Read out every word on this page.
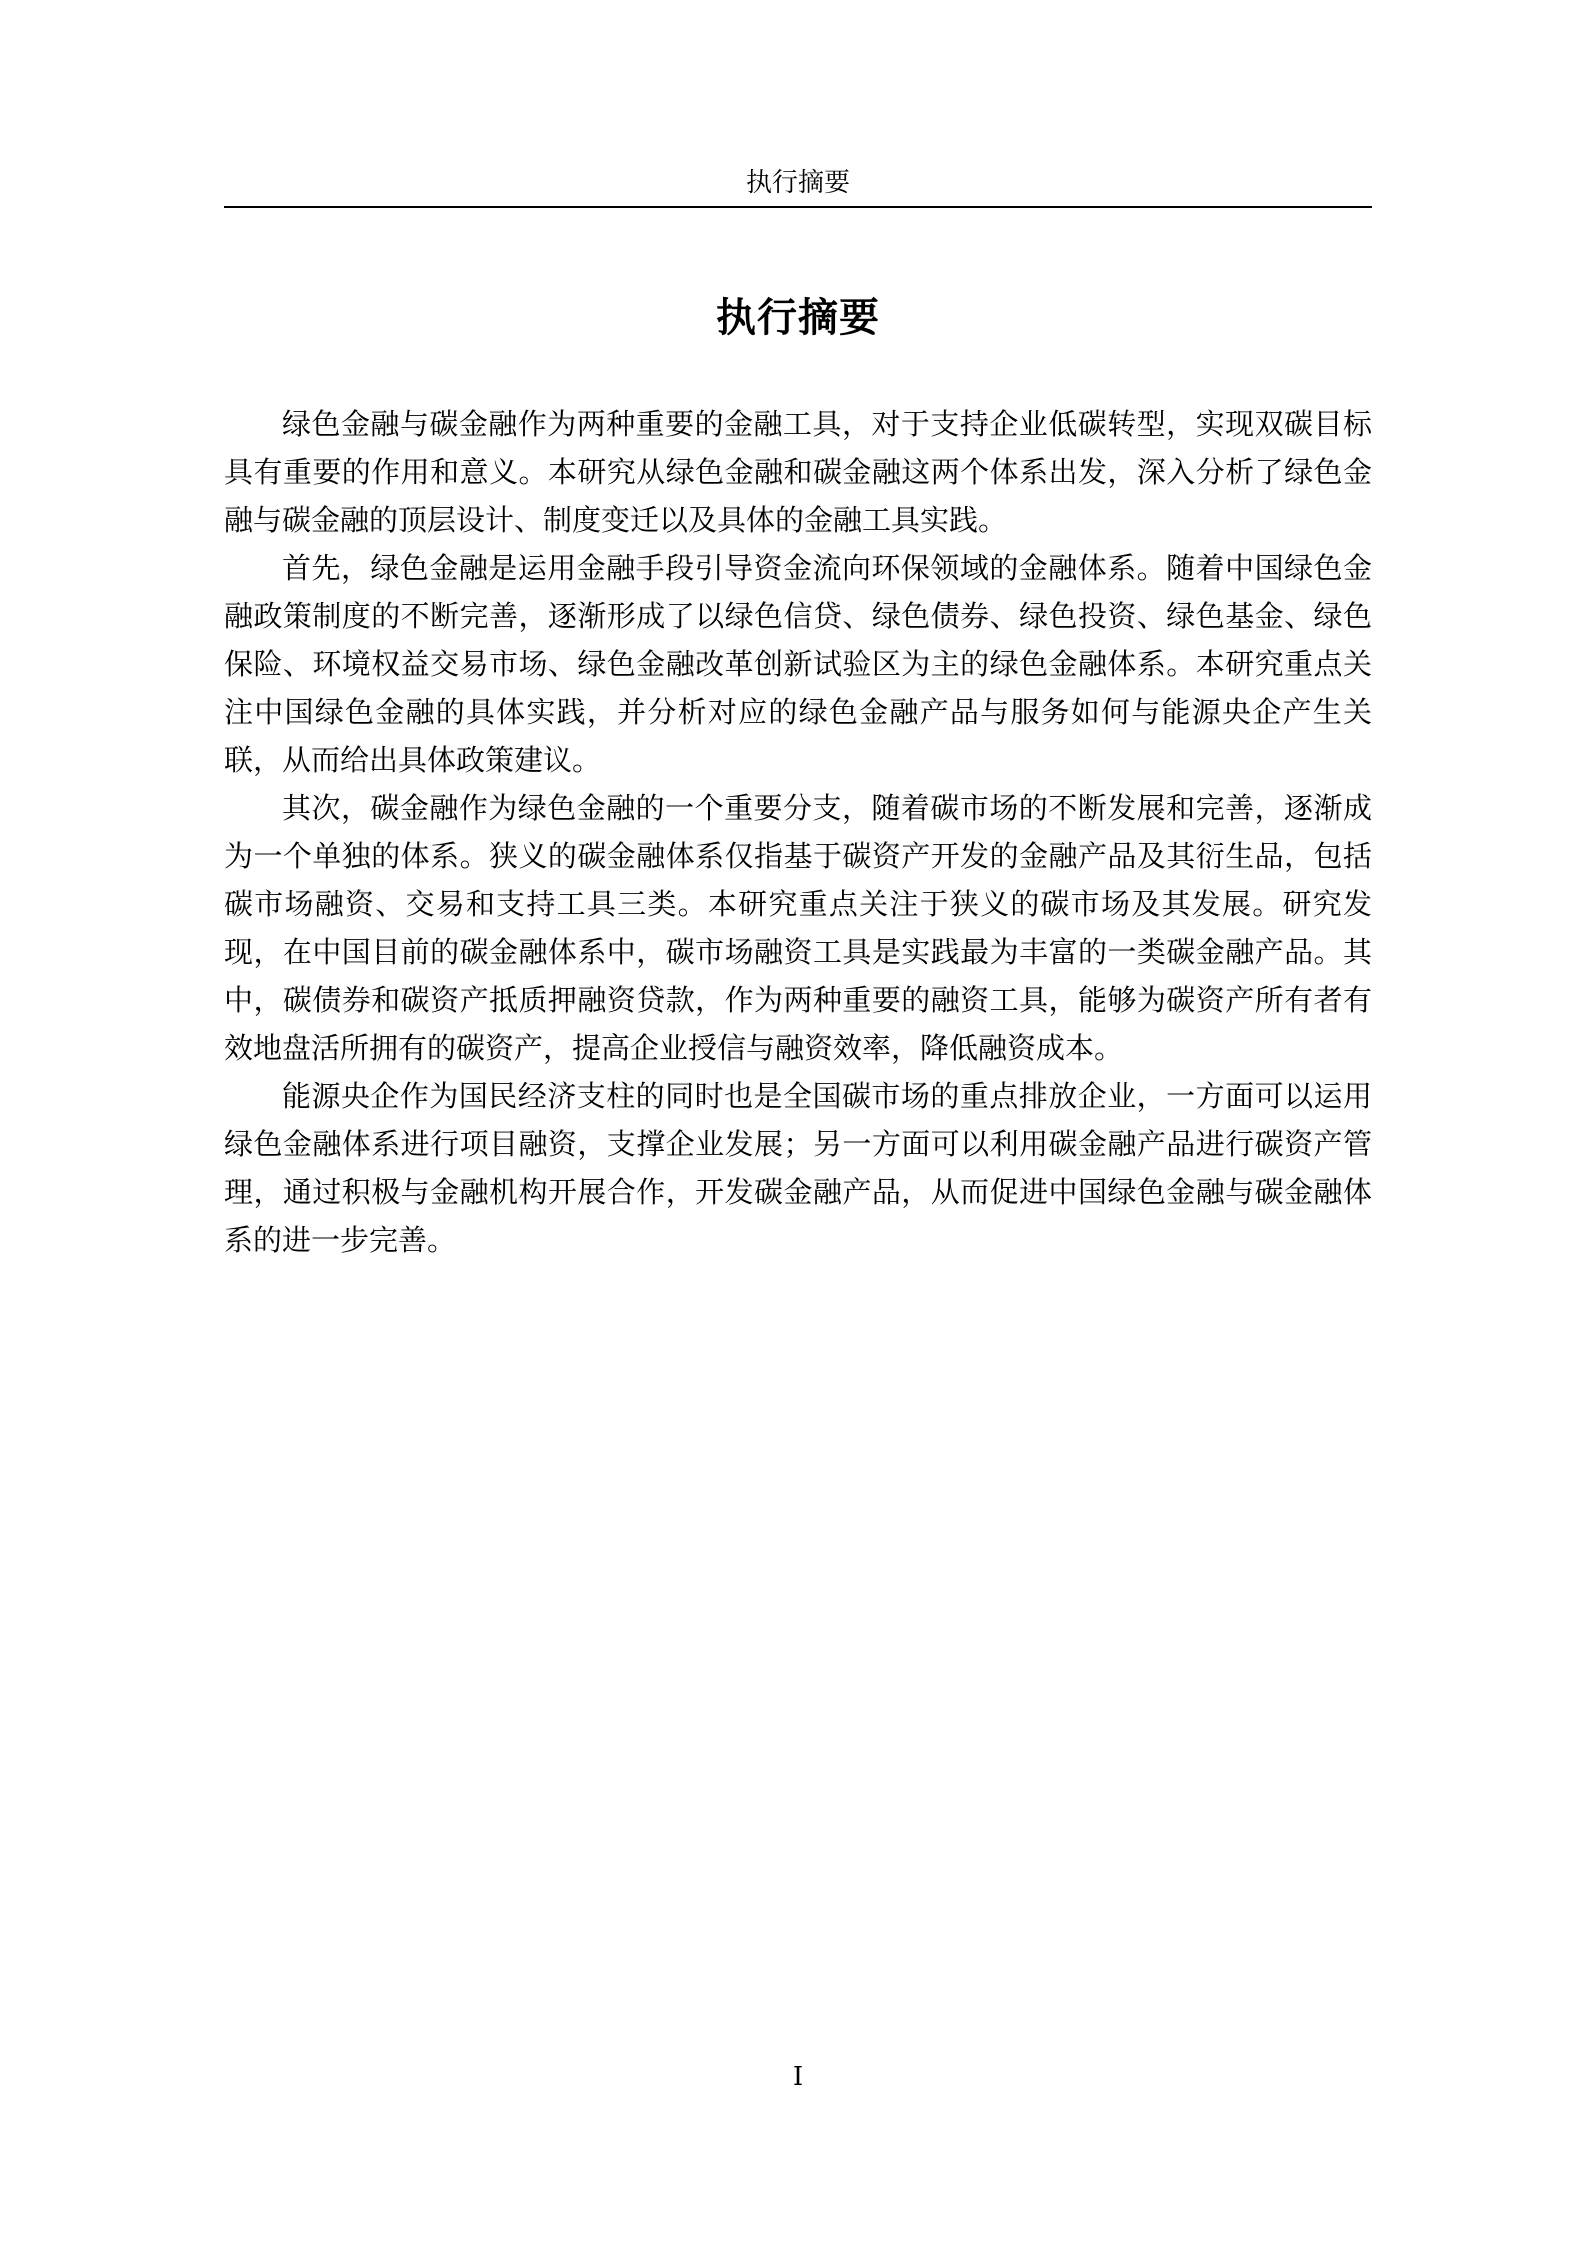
执行摘要
执行摘要

绿色金融与碳金融作为两种重要的金融工具，对于支持企业低碳转型，实现双碳目标具有重要的作用和意义。本研究从绿色金融和碳金融这两个体系出发，深入分析了绿色金融与碳金融的顶层设计、制度变迁以及具体的金融工具实践。

首先，绿色金融是运用金融手段引导资金流向环保领域的金融体系。随着中国绿色金融政策制度的不断完善，逐渐形成了以绿色信贷、绿色债券、绿色投资、绿色基金、绿色保险、环境权益交易市场、绿色金融改革创新试验区为主的绿色金融体系。本研究重点关注中国绿色金融的具体实践，并分析对应的绿色金融产品与服务如何与能源央企产生关联，从而给出具体政策建议。

其次，碳金融作为绿色金融的一个重要分支，随着碳市场的不断发展和完善，逐渐成为一个单独的体系。狭义的碳金融体系仅指基于碳资产开发的金融产品及其衍生品，包括碳市场融资、交易和支持工具三类。本研究重点关注于狭义的碳市场及其发展。研究发现，在中国目前的碳金融体系中，碳市场融资工具是实践最为丰富的一类碳金融产品。其中，碳债券和碳资产抵质押融资贷款，作为两种重要的融资工具，能够为碳资产所有者有效地盘活所拥有的碳资产，提高企业授信与融资效率，降低融资成本。

能源央企作为国民经济支柱的同时也是全国碳市场的重点排放企业，一方面可以运用绿色金融体系进行项目融资，支撑企业发展；另一方面可以利用碳金融产品进行碳资产管理，通过积极与金融机构开展合作，开发碳金融产品，从而促进中国绿色金融与碳金融体系的进一步完善。

I
